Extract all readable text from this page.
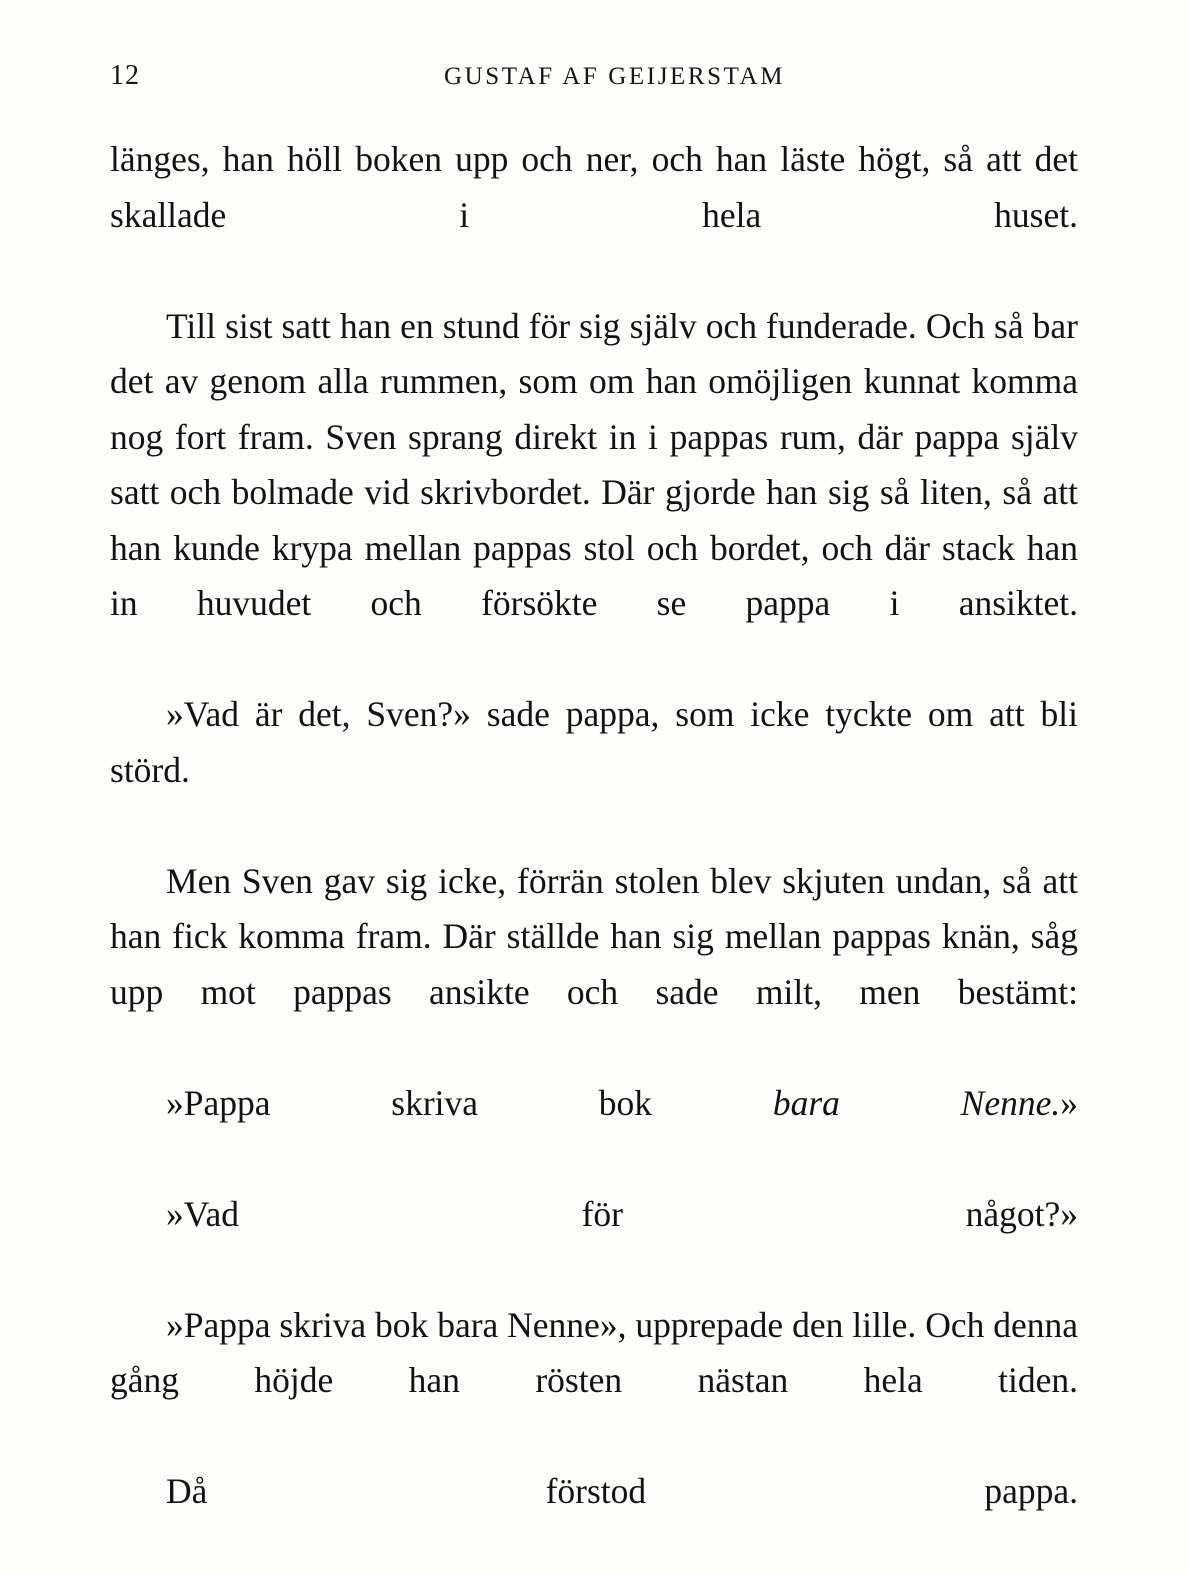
12	GUSTAF AF GEIJERSTAM

länges, han höll boken upp och ner, och han läste högt, så att det skallade i hela huset.

Till sist satt han en stund för sig själv och funderade. Och så bar det av genom alla rummen, som om han omöjligen kunnat komma nog fort fram. Sven sprang direkt in i pappas rum, där pappa själv satt och bolmade vid skrivbordet. Där gjorde han sig så liten, så att han kunde krypa mellan pappas stol och bordet, och där stack han in huvudet och försökte se pappa i ansiktet.

»Vad är det, Sven?» sade pappa, som icke tyckte om att bli störd.

Men Sven gav sig icke, förrän stolen blev skjuten undan, så att han fick komma fram. Där ställde han sig mellan pappas knän, såg upp mot pappas ansikte och sade milt, men bestämt:

»Pappa skriva bok bara Nenne.»

»Vad för något?»

»Pappa skriva bok bara Nenne», upprepade den lille. Och denna gång höjde han rösten nästan hela tiden.

Då förstod pappa.
